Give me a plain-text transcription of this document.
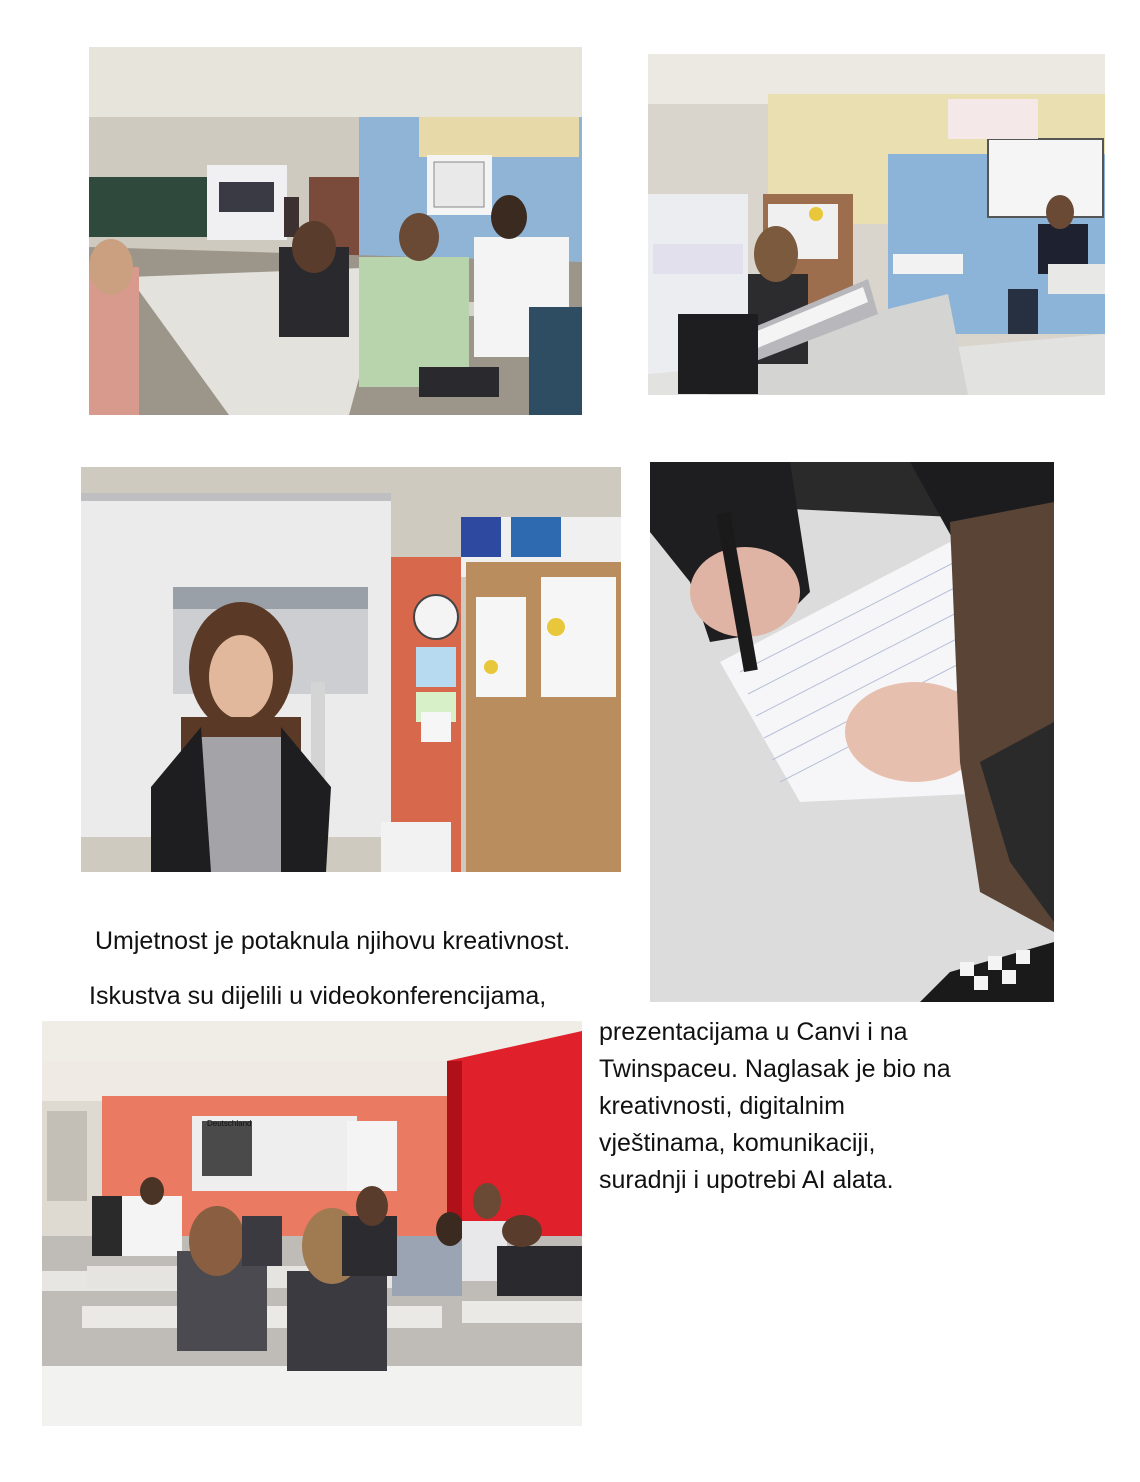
Deutschland
Umjetnost je potaknula njihovu kreativnost.
Iskustva su dijelili u videokonferencijama,
prezentacijama u Canvi i na
Twinspaceu. Naglasak je bio na
kreativnosti, digitalnim
vještinama, komunikaciji,
suradnji i upotrebi AI alata.
